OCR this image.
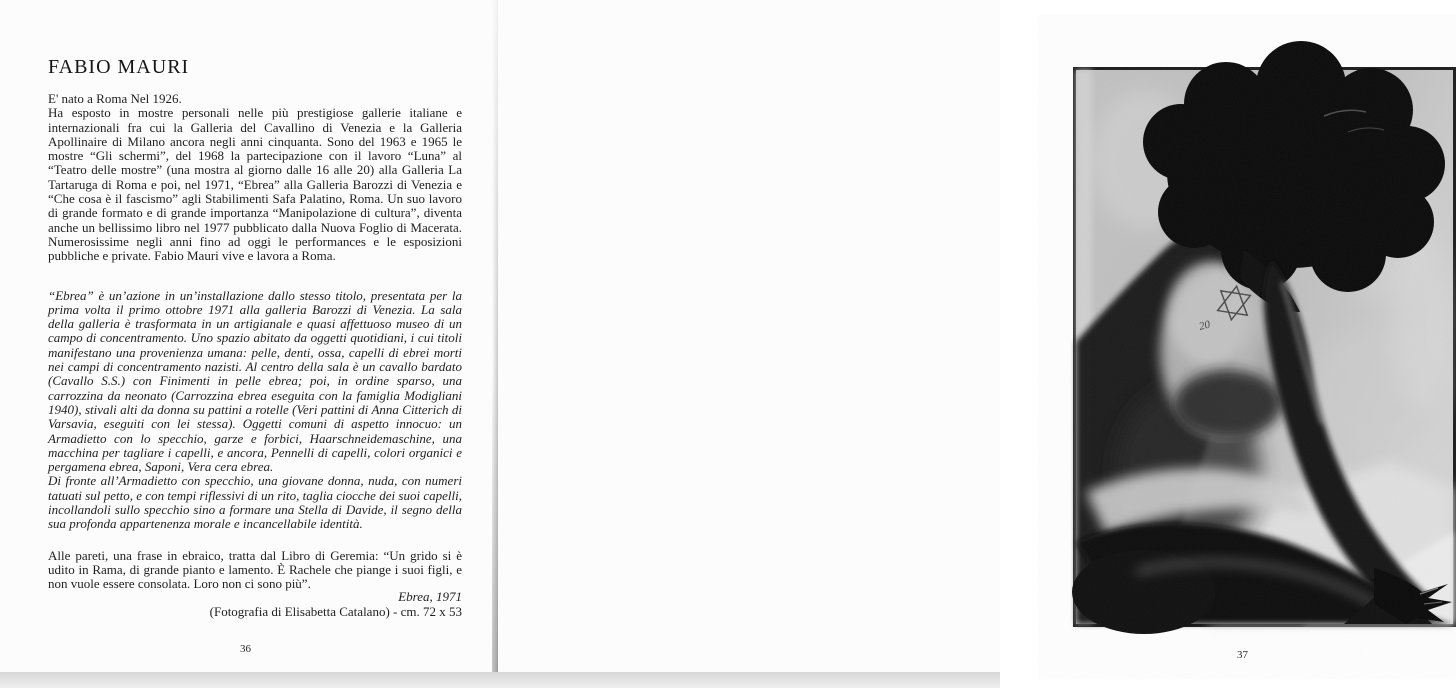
FABIO MAURI

E' nato a Roma Nel 1926.

Ha esposto in mostre personali nelle più prestigiose gallerie italiane e internazionali fra cui la Galleria del Cavallino di Venezia e la Galleria Apollinaire di Milano ancora negli anni cinquanta. Sono del 1963 e 1965 le mostre “Gli schermi”, del 1968 la partecipazione con il lavoro “Luna” al “Teatro delle mostre” (una mostra al giorno dalle 16 alle 20) alla Galleria La Tartaruga di Roma e poi, nel 1971, “Ebrea” alla Galleria Barozzi di Venezia e “Che cosa è il fascismo” agli Stabilimenti Safa Palatino, Roma. Un suo lavoro di grande formato e di grande importanza “Manipolazione di cultura”, diventa anche un bellissimo libro nel 1977 pubblicato dalla Nuova Foglio di Macerata. Numerosissime negli anni fino ad oggi le performances e le esposizioni pubbliche e private. Fabio Mauri vive e lavora a Roma.

“Ebrea” è un’azione in un’installazione dallo stesso titolo, presentata per la prima volta il primo ottobre 1971 alla galleria Barozzi di Venezia. La sala della galleria è trasformata in un artigianale e quasi affettuoso museo di un campo di concentramento. Uno spazio abitato da oggetti quotidiani, i cui titoli manifestano una provenienza umana: pelle, denti, ossa, capelli di ebrei morti nei campi di concentramento nazisti. Al centro della sala è un cavallo bardato (Cavallo S.S.) con Finimenti in pelle ebrea; poi, in ordine sparso, una carrozzina da neonato (Carrozzina ebrea eseguita con la famiglia Modigliani 1940), stivali alti da donna su pattini a rotelle (Veri pattini di Anna Citterich di Varsavia, eseguiti con lei stessa). Oggetti comuni di aspetto innocuo: un Armadietto con lo specchio, garze e forbici, Haarschneidemaschine, una macchina per tagliare i capelli, e ancora, Pennelli di capelli, colori organici e pergamena ebrea, Saponi, Vera cera ebrea.

Di fronte all’Armadietto con specchio, una giovane donna, nuda, con numeri tatuati sul petto, e con tempi riflessivi di un rito, taglia ciocche dei suoi capelli, incollandoli sullo specchio sino a formare una Stella di Davide, il segno della sua profonda appartenenza morale e incancellabile identità.

Alle pareti, una frase in ebraico, tratta dal Libro di Geremia: “Un grido si è udito in Rama, di grande pianto e lamento. È Rachele che piange i suoi figli, e non vuole essere consolata. Loro non ci sono più”.

Ebrea, 1971

(Fotografia di Elisabetta Catalano) - cm. 72 x 53

36	37
